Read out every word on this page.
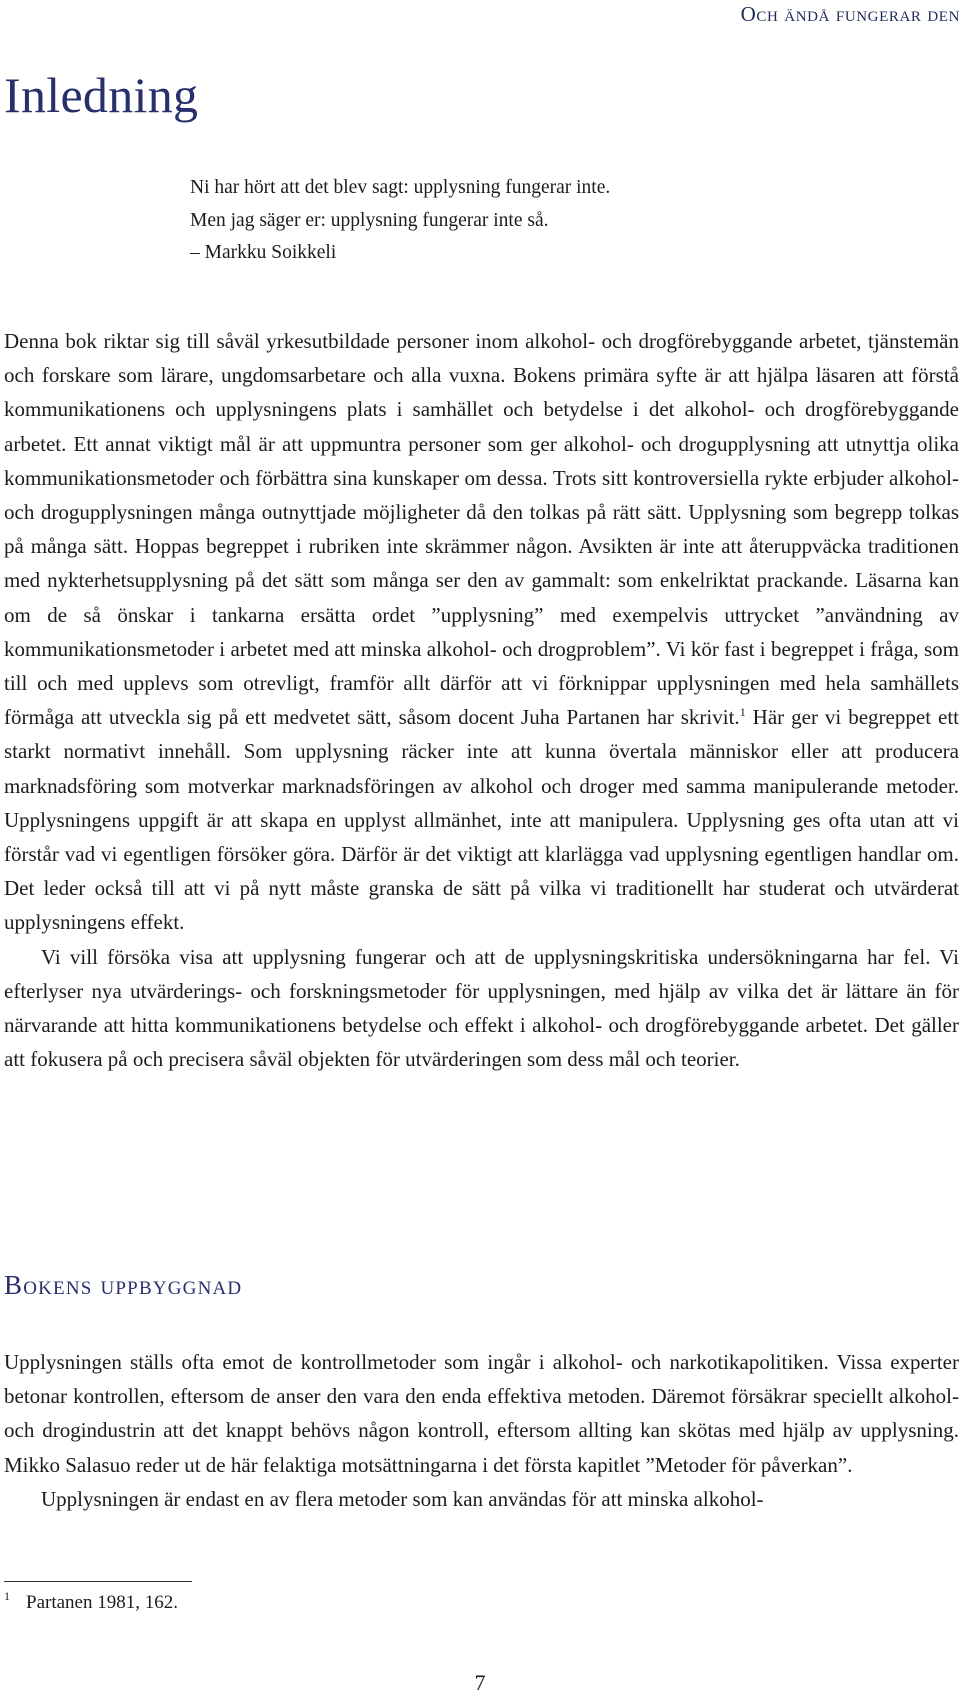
Och ändå fungerar den
Inledning
Ni har hört att det blev sagt: upplysning fungerar inte.
Men jag säger er: upplysning fungerar inte så.
– Markku Soikkeli

Denna bok riktar sig till såväl yrkesutbildade personer inom alkohol- och drogförebyggande arbetet, tjänstemän och forskare som lärare, ungdomsarbetare och alla vuxna. Bokens primära syfte är att hjälpa läsaren att förstå kommunikationens och upplysningens plats i samhället och betydelse i det alkohol- och drogförebyggande arbetet. Ett annat viktigt mål är att uppmuntra personer som ger alkohol- och drogupplysning att utnyttja olika kommunikationsmetoder och förbättra sina kunskaper om dessa. Trots sitt kontroversiella rykte erbjuder alkohol- och drogupplysningen många outnyttjade möjligheter då den tolkas på rätt sätt. Upplysning som begrepp tolkas på många sätt. Hoppas begreppet i rubriken inte skrämmer någon. Avsikten är inte att återuppväcka traditionen med nykterhetsupplysning på det sätt som många ser den av gammalt: som enkelriktat prackande. Läsarna kan om de så önskar i tankarna ersätta ordet ”upplysning” med exempelvis uttrycket ”användning av kommunikationsmetoder i arbetet med att minska alkohol- och drogproblem”. Vi kör fast i begreppet i fråga, som till och med upplevs som otrevligt, framför allt därför att vi förknippar upplysningen med hela samhällets förmåga att utveckla sig på ett medvetet sätt, såsom docent Juha Partanen har skrivit.$^1$ Här ger vi begreppet ett starkt normativt innehåll. Som upplysning räcker inte att kunna övertala människor eller att producera marknadsföring som motverkar marknadsföringen av alkohol och droger med samma manipulerande metoder. Upplysningens uppgift är att skapa en upplyst allmänhet, inte att manipulera. Upplysning ges ofta utan att vi förstår vad vi egentligen försöker göra. Därför är det viktigt att klarlägga vad upplysning egentligen handlar om. Det leder också till att vi på nytt måste granska de sätt på vilka vi traditionellt har studerat och utvärderat upplysningens effekt.

Vi vill försöka visa att upplysning fungerar och att de upplysningskritiska undersökningarna har fel. Vi efterlyser nya utvärderings- och forskningsmetoder för upplysningen, med hjälp av vilka det är lättare än för närvarande att hitta kommunikationens betydelse och effekt i alkohol- och drogförebyggande arbetet. Det gäller att fokusera på och precisera såväl objekten för utvärderingen som dess mål och teorier.

Bokens uppbyggnad

Upplysningen ställs ofta emot de kontrollmetoder som ingår i alkohol- och narkotikapolitiken. Vissa experter betonar kontrollen, eftersom de anser den vara den enda effektiva metoden. Däremot försäkrar speciellt alkohol- och drogindustrin att det knappt behövs någon kontroll, eftersom allting kan skötas med hjälp av upplysning. Mikko Salasuo reder ut de här felaktiga motsättningarna i det första kapitlet ”Metoder för påverkan”.

Upplysningen är endast en av flera metoder som kan användas för att minska alkohol-

$^1$ Partanen 1981, 162.
7
